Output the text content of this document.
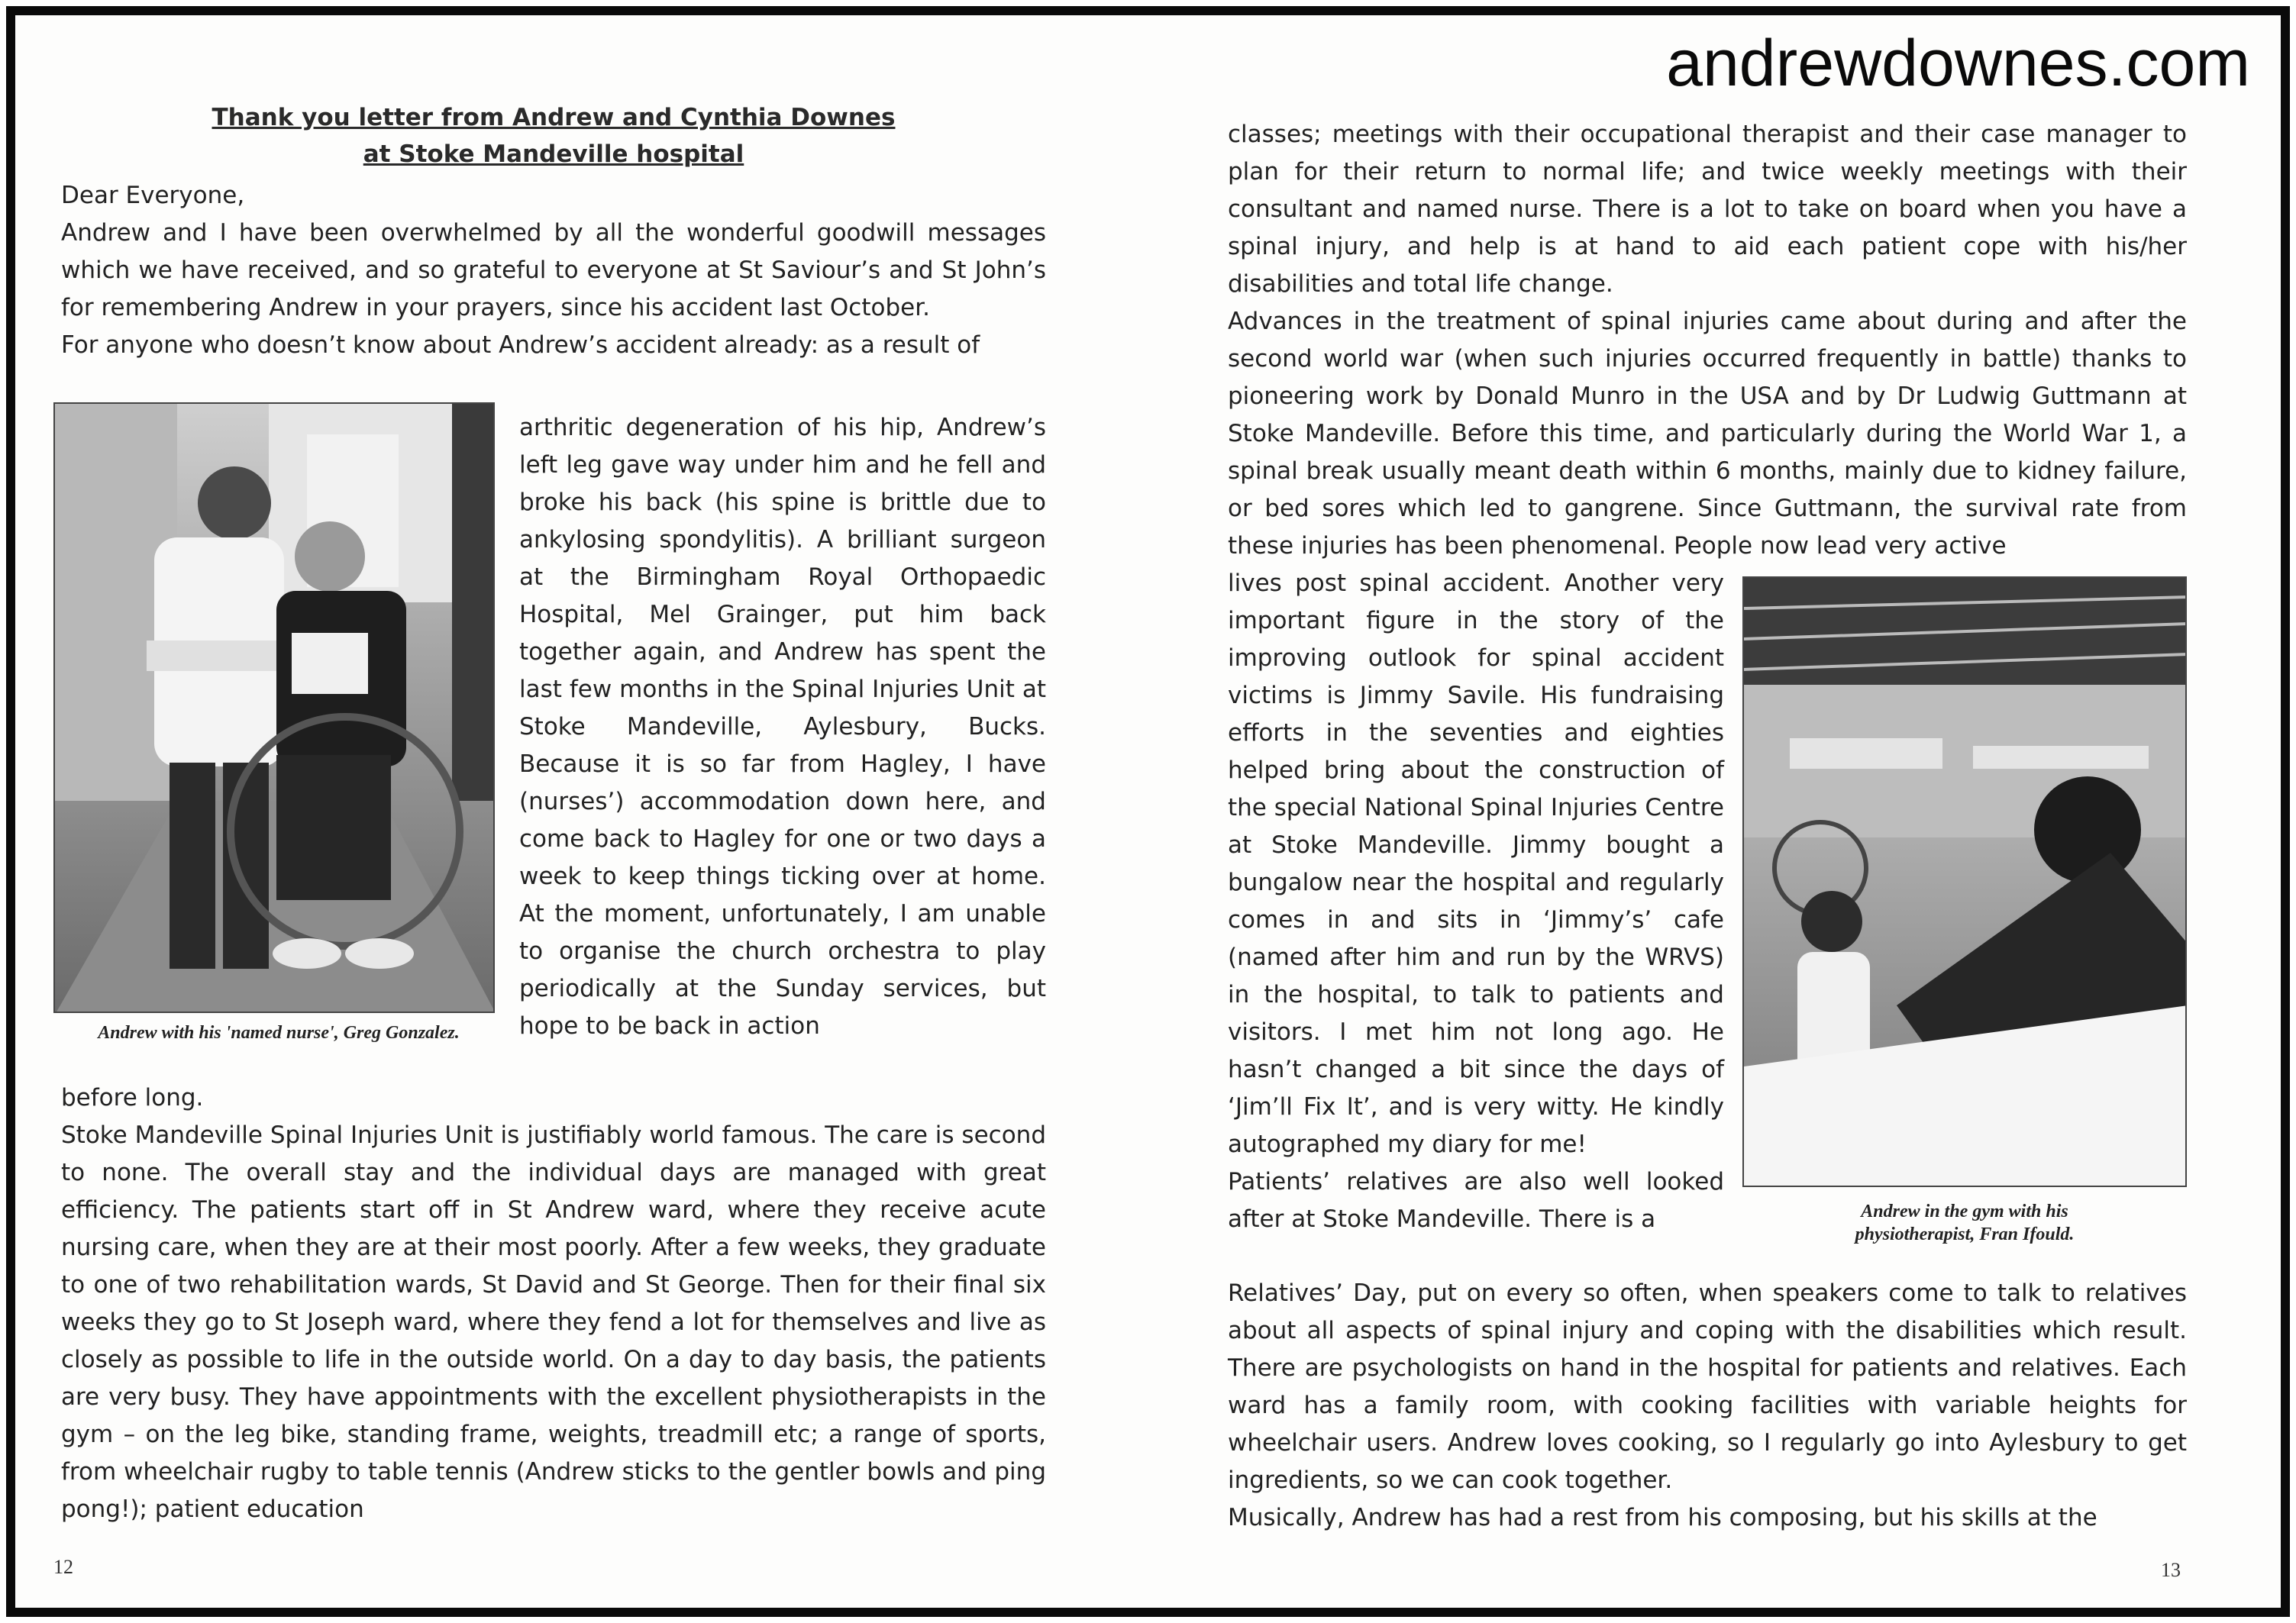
andrewdownes.com
Thank you letter from Andrew and Cynthia Downes
at Stoke Mandeville hospital

Dear Everyone,

Andrew and I have been overwhelmed by all the wonderful goodwill messages which we have received, and so grateful to everyone at St Saviour’s and St John’s for remembering Andrew in your prayers, since his accident last October.

For anyone who doesn’t know about Andrew’s accident already: as a result of

Andrew with his 'named nurse', Greg Gonzalez.
arthritic degeneration of his hip, Andrew’s left leg gave way under him and he fell and broke his back (his spine is brittle due to ankylosing spondylitis). A brilliant surgeon at the Birmingham Royal Orthopaedic Hospital, Mel Grainger, put him back together again, and Andrew has spent the last few months in the Spinal Injuries Unit at Stoke Mandeville, Aylesbury, Bucks. Because it is so far from Hagley, I have (nurses’) accommodation down here, and come back to Hagley for one or two days a week to keep things ticking over at home. At the moment, unfortunately, I am unable to organise the church orchestra to play periodically at the Sunday services, but hope to be back in action

before long.

Stoke Mandeville Spinal Injuries Unit is justifiably world famous. The care is second to none. The overall stay and the individual days are managed with great efficiency. The patients start off in St Andrew ward, where they receive acute nursing care, when they are at their most poorly. After a few weeks, they graduate to one of two rehabilitation wards, St David and St George. Then for their final six weeks they go to St Joseph ward, where they fend a lot for themselves and live as closely as possible to life in the outside world. On a day to day basis, the patients are very busy. They have appointments with the excellent physiotherapists in the gym – on the leg bike, standing frame, weights, treadmill etc; a range of sports, from wheelchair rugby to table tennis (Andrew sticks to the gentler bowls and ping pong!); patient education

12

classes; meetings with their occupational therapist and their case manager to plan for their return to normal life; and twice weekly meetings with their consultant and named nurse. There is a lot to take on board when you have a spinal injury, and help is at hand to aid each patient cope with his/her disabilities and total life change.

Advances in the treatment of spinal injuries came about during and after the second world war (when such injuries occurred frequently in battle) thanks to pioneering work by Donald Munro in the USA and by Dr Ludwig Guttmann at Stoke Mandeville. Before this time, and particularly during the World War 1, a spinal break usually meant death within 6 months, mainly due to kidney failure, or bed sores which led to gangrene. Since Guttmann, the survival rate from these injuries has been phenomenal. People now lead very active

lives post spinal accident. Another very important figure in the story of the improving outlook for spinal accident victims is Jimmy Savile. His fundraising efforts in the seventies and eighties helped bring about the construction of the special National Spinal Injuries Centre at Stoke Mandeville. Jimmy bought a bungalow near the hospital and regularly comes in and sits in ‘Jimmy’s’ cafe (named after him and run by the WRVS) in the hospital, to talk to patients and visitors. I met him not long ago. He hasn’t changed a bit since the days of ‘Jim’ll Fix It’, and is very witty. He kindly autographed my diary for me!

Patients’ relatives are also well looked after at Stoke Mandeville. There is a	Andrew in the gym with his
physiotherapist, Fran Ifould.

Relatives’ Day, put on every so often, when speakers come to talk to relatives about all aspects of spinal injury and coping with the disabilities which result. There are psychologists on hand in the hospital for patients and relatives. Each ward has a family room, with cooking facilities with variable heights for wheelchair users. Andrew loves cooking, so I regularly go into Aylesbury to get ingredients, so we can cook together.

Musically, Andrew has had a rest from his composing, but his skills at the

13
